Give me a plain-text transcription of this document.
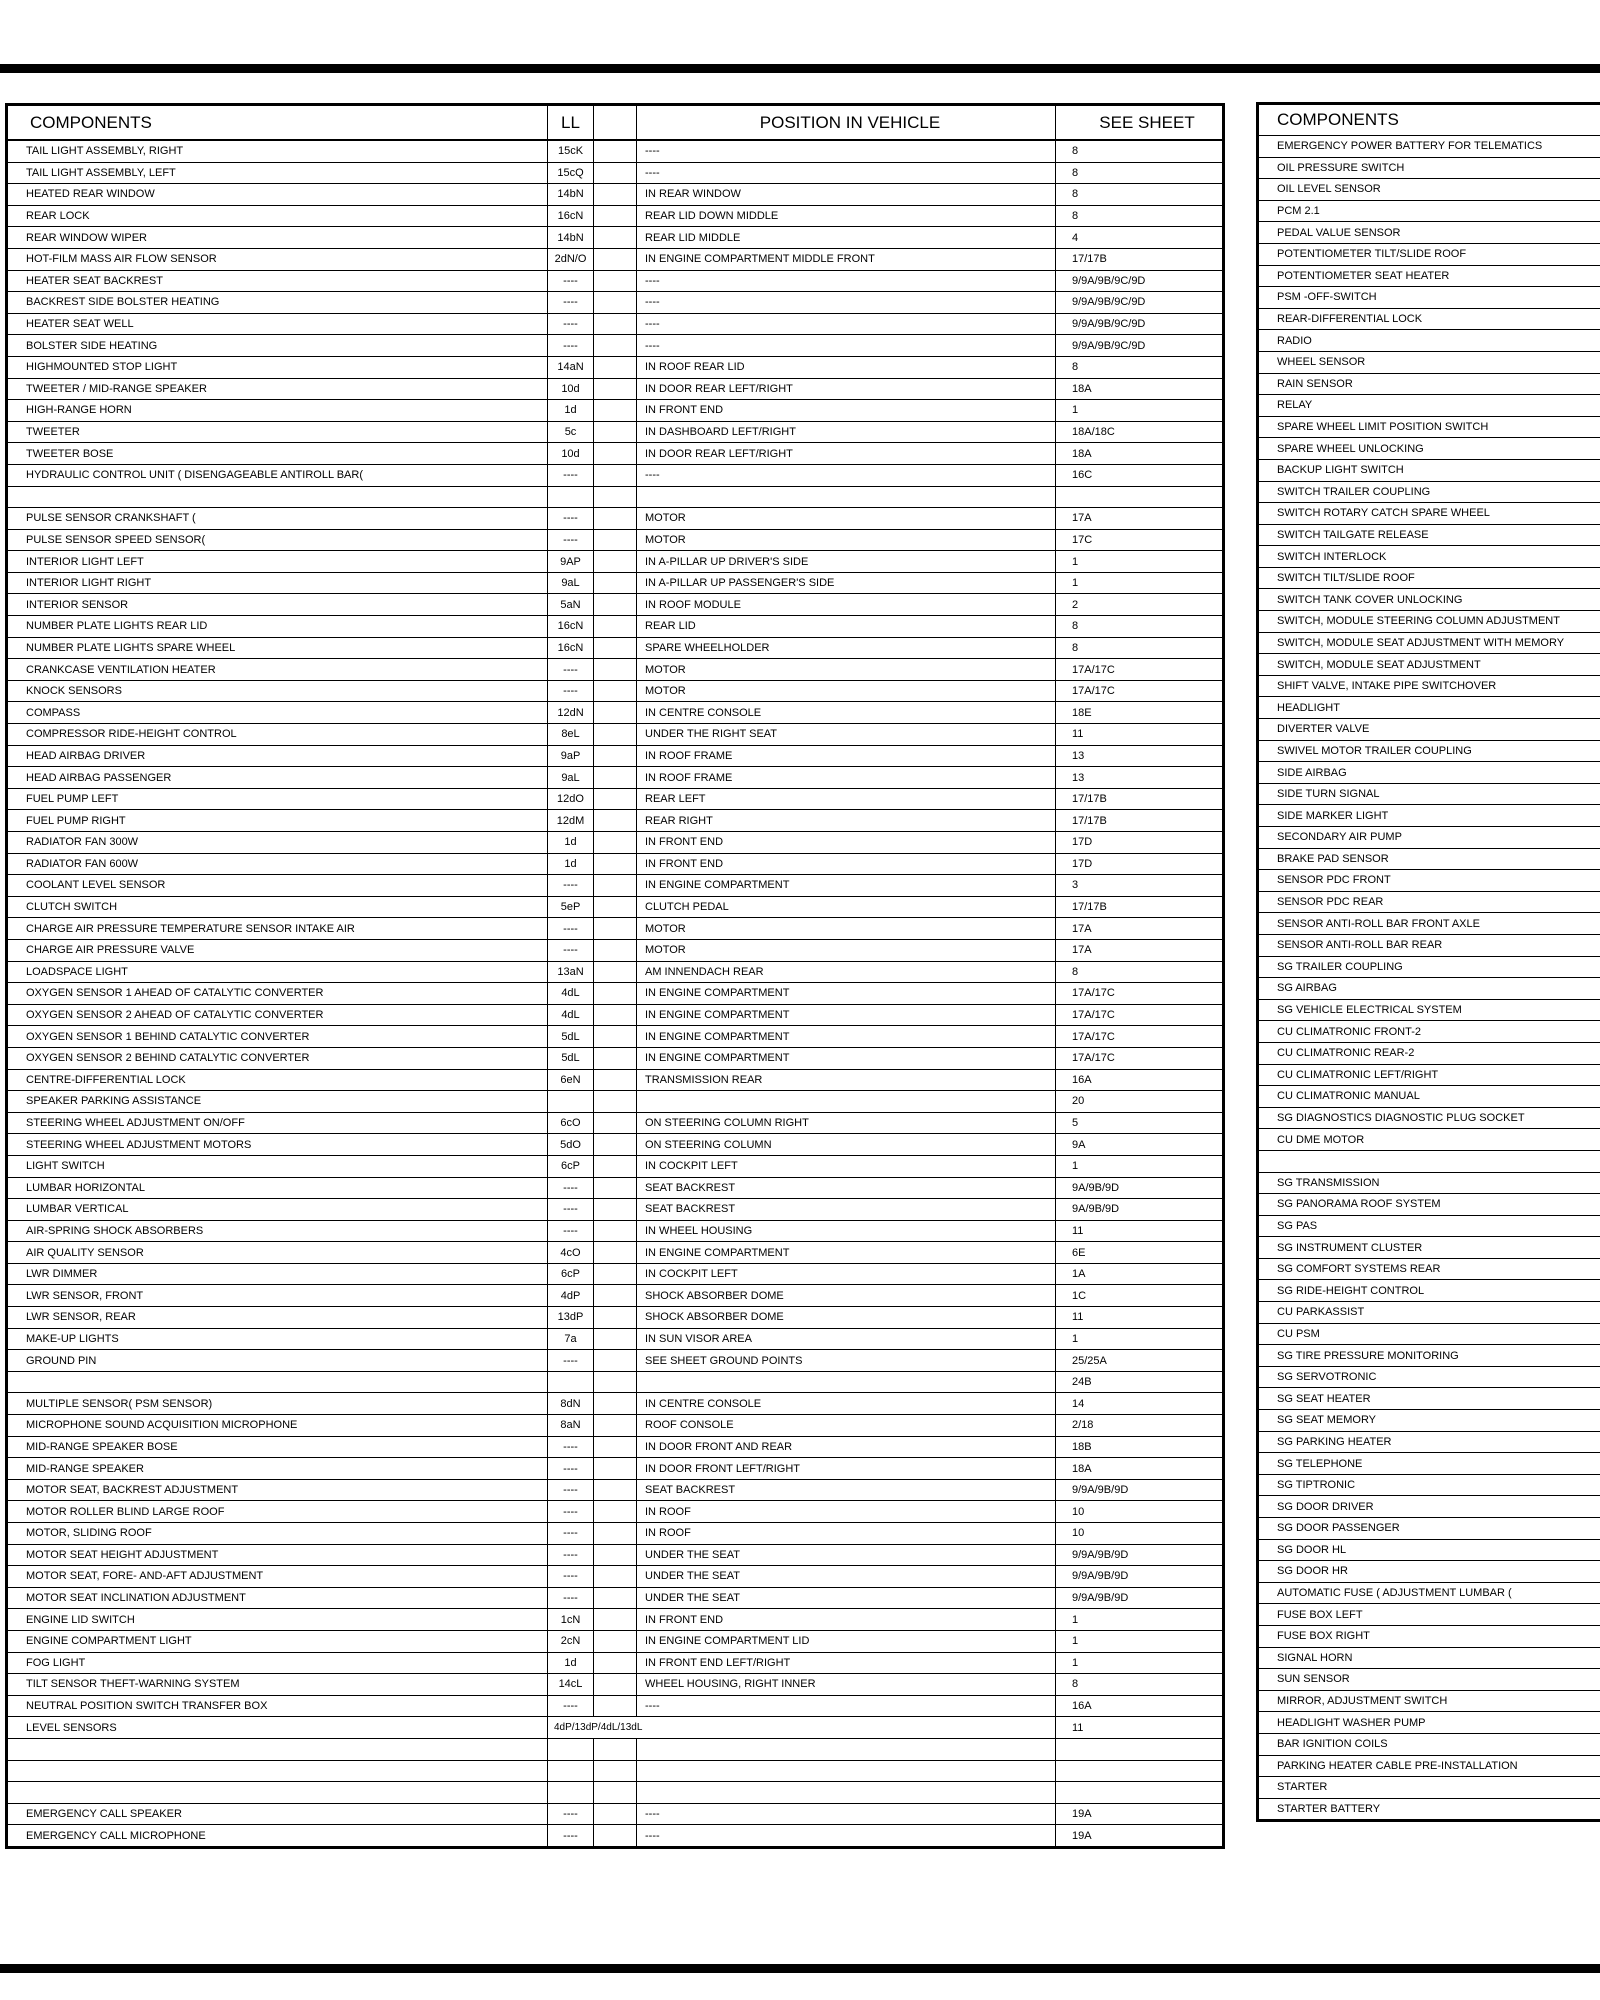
COMPONENTS	LL		POSITION IN VEHICLE	SEE SHEET
TAIL LIGHT ASSEMBLY, RIGHT	15cK		----	8
TAIL LIGHT ASSEMBLY, LEFT	15cQ		----	8
HEATED REAR WINDOW	14bN		IN REAR WINDOW	8
REAR LOCK	16cN		REAR LID DOWN MIDDLE	8
REAR WINDOW WIPER	14bN		REAR LID MIDDLE	4
HOT-FILM MASS AIR FLOW SENSOR	2dN/O		IN ENGINE COMPARTMENT MIDDLE FRONT	17/17B
HEATER SEAT BACKREST	----		----	9/9A/9B/9C/9D
BACKREST SIDE BOLSTER HEATING	----		----	9/9A/9B/9C/9D
HEATER SEAT WELL	----		----	9/9A/9B/9C/9D
BOLSTER SIDE HEATING	----		----	9/9A/9B/9C/9D
HIGHMOUNTED STOP LIGHT	14aN		IN ROOF REAR LID	8
TWEETER / MID-RANGE SPEAKER	10d		IN DOOR REAR LEFT/RIGHT	18A
HIGH-RANGE HORN	1d		IN FRONT END	1
TWEETER	5c		IN DASHBOARD LEFT/RIGHT	18A/18C
TWEETER BOSE	10d		IN DOOR REAR LEFT/RIGHT	18A
HYDRAULIC CONTROL UNIT ( DISENGAGEABLE ANTIROLL BAR(	----		----	16C

PULSE SENSOR CRANKSHAFT (	----		MOTOR	17A
PULSE SENSOR SPEED SENSOR(	----		MOTOR	17C
INTERIOR LIGHT LEFT	9AP		IN A-PILLAR UP DRIVER'S SIDE	1
INTERIOR LIGHT RIGHT	9aL		IN A-PILLAR UP PASSENGER'S SIDE	1
INTERIOR SENSOR	5aN		IN ROOF MODULE	2
NUMBER PLATE LIGHTS REAR LID	16cN		REAR LID	8
NUMBER PLATE LIGHTS SPARE WHEEL	16cN		SPARE WHEELHOLDER	8
CRANKCASE VENTILATION HEATER	----		MOTOR	17A/17C
KNOCK SENSORS	----		MOTOR	17A/17C
COMPASS	12dN		IN CENTRE CONSOLE	18E
COMPRESSOR RIDE-HEIGHT CONTROL	8eL		UNDER THE RIGHT SEAT	11
HEAD AIRBAG DRIVER	9aP		IN ROOF FRAME	13
HEAD AIRBAG PASSENGER	9aL		IN ROOF FRAME	13
FUEL PUMP LEFT	12dO		REAR LEFT	17/17B
FUEL PUMP RIGHT	12dM		REAR RIGHT	17/17B
RADIATOR FAN 300W	1d		IN FRONT END	17D
RADIATOR FAN 600W	1d		IN FRONT END	17D
COOLANT LEVEL SENSOR	----		IN ENGINE COMPARTMENT	3
CLUTCH SWITCH	5eP		CLUTCH PEDAL	17/17B
CHARGE AIR PRESSURE TEMPERATURE SENSOR INTAKE AIR	----		MOTOR	17A
CHARGE AIR PRESSURE VALVE	----		MOTOR	17A
LOADSPACE LIGHT	13aN		AM INNENDACH REAR	8
OXYGEN SENSOR 1 AHEAD OF CATALYTIC CONVERTER	4dL		IN ENGINE COMPARTMENT	17A/17C
OXYGEN SENSOR 2 AHEAD OF CATALYTIC CONVERTER	4dL		IN ENGINE COMPARTMENT	17A/17C
OXYGEN SENSOR 1 BEHIND CATALYTIC CONVERTER	5dL		IN ENGINE COMPARTMENT	17A/17C
OXYGEN SENSOR 2 BEHIND CATALYTIC CONVERTER	5dL		IN ENGINE COMPARTMENT	17A/17C
CENTRE-DIFFERENTIAL LOCK	6eN		TRANSMISSION REAR	16A
SPEAKER PARKING ASSISTANCE				20
STEERING WHEEL ADJUSTMENT ON/OFF	6cO		ON STEERING COLUMN RIGHT	5
STEERING WHEEL ADJUSTMENT MOTORS	5dO		ON STEERING COLUMN	9A
LIGHT SWITCH	6cP		IN COCKPIT LEFT	1
LUMBAR HORIZONTAL	----		SEAT BACKREST	9A/9B/9D
LUMBAR VERTICAL	----		SEAT BACKREST	9A/9B/9D
AIR-SPRING SHOCK ABSORBERS	----		IN WHEEL HOUSING	11
AIR QUALITY SENSOR	4cO		IN ENGINE COMPARTMENT	6E
LWR DIMMER	6cP		IN COCKPIT LEFT	1A
LWR SENSOR, FRONT	4dP		SHOCK ABSORBER DOME	1C
LWR SENSOR, REAR	13dP		SHOCK ABSORBER DOME	11
MAKE-UP LIGHTS	7a		IN SUN VISOR AREA	1
GROUND PIN	----		SEE SHEET GROUND POINTS	25/25A
				24B
MULTIPLE SENSOR( PSM SENSOR)	8dN		IN CENTRE CONSOLE	14
MICROPHONE SOUND ACQUISITION MICROPHONE	8aN		ROOF CONSOLE	2/18
MID-RANGE SPEAKER BOSE	----		IN DOOR FRONT AND REAR	18B
MID-RANGE SPEAKER	----		IN DOOR FRONT LEFT/RIGHT	18A
MOTOR SEAT, BACKREST ADJUSTMENT	----		SEAT BACKREST	9/9A/9B/9D
MOTOR ROLLER BLIND LARGE ROOF	----		IN ROOF	10
MOTOR, SLIDING ROOF	----		IN ROOF	10
MOTOR SEAT HEIGHT ADJUSTMENT	----		UNDER THE SEAT	9/9A/9B/9D
MOTOR SEAT, FORE- AND-AFT ADJUSTMENT	----		UNDER THE SEAT	9/9A/9B/9D
MOTOR SEAT INCLINATION ADJUSTMENT	----		UNDER THE SEAT	9/9A/9B/9D
ENGINE LID SWITCH	1cN		IN FRONT END	1
ENGINE COMPARTMENT LIGHT	2cN		IN ENGINE COMPARTMENT LID	1
FOG LIGHT	1d		IN FRONT END LEFT/RIGHT	1
TILT SENSOR THEFT-WARNING SYSTEM	14cL		WHEEL HOUSING, RIGHT INNER	8
NEUTRAL POSITION SWITCH TRANSFER BOX	----		----	16A
LEVEL SENSORS	4dP/13dP/4dL/13dL			11

EMERGENCY CALL SPEAKER	----		----	19A
EMERGENCY CALL MICROPHONE	----		----	19A
COMPONENTS
EMERGENCY POWER BATTERY FOR TELEMATICS
OIL PRESSURE SWITCH
OIL LEVEL SENSOR
PCM 2.1
PEDAL VALUE SENSOR
POTENTIOMETER TILT/SLIDE ROOF
POTENTIOMETER SEAT HEATER
PSM -OFF-SWITCH
REAR-DIFFERENTIAL LOCK
RADIO
WHEEL SENSOR
RAIN SENSOR
RELAY
SPARE WHEEL LIMIT POSITION SWITCH
SPARE WHEEL UNLOCKING
BACKUP LIGHT SWITCH
SWITCH TRAILER COUPLING
SWITCH ROTARY CATCH SPARE WHEEL
SWITCH TAILGATE RELEASE
SWITCH INTERLOCK
SWITCH TILT/SLIDE ROOF
SWITCH TANK COVER UNLOCKING
SWITCH, MODULE STEERING COLUMN ADJUSTMENT
SWITCH, MODULE SEAT ADJUSTMENT WITH MEMORY
SWITCH, MODULE SEAT ADJUSTMENT
SHIFT VALVE, INTAKE PIPE SWITCHOVER
HEADLIGHT
DIVERTER VALVE
SWIVEL MOTOR TRAILER COUPLING
SIDE AIRBAG
SIDE TURN SIGNAL
SIDE MARKER LIGHT
SECONDARY AIR PUMP
BRAKE PAD SENSOR
SENSOR PDC FRONT
SENSOR PDC REAR
SENSOR ANTI-ROLL BAR FRONT AXLE
SENSOR ANTI-ROLL BAR REAR
SG TRAILER COUPLING
SG AIRBAG
SG VEHICLE ELECTRICAL SYSTEM
CU CLIMATRONIC FRONT-2
CU CLIMATRONIC REAR-2
CU CLIMATRONIC LEFT/RIGHT
CU CLIMATRONIC MANUAL
SG DIAGNOSTICS DIAGNOSTIC PLUG SOCKET
CU DME MOTOR

SG TRANSMISSION
SG PANORAMA ROOF SYSTEM
SG PAS
SG INSTRUMENT CLUSTER
SG COMFORT SYSTEMS REAR
SG RIDE-HEIGHT CONTROL
CU PARKASSIST
CU PSM
SG TIRE PRESSURE MONITORING
SG SERVOTRONIC
SG SEAT HEATER
SG SEAT MEMORY
SG PARKING HEATER
SG TELEPHONE
SG TIPTRONIC
SG DOOR DRIVER
SG DOOR PASSENGER
SG DOOR HL
SG DOOR HR
AUTOMATIC FUSE ( ADJUSTMENT LUMBAR (
FUSE BOX LEFT
FUSE BOX RIGHT
SIGNAL HORN
SUN SENSOR
MIRROR, ADJUSTMENT SWITCH
HEADLIGHT WASHER PUMP
BAR IGNITION COILS
PARKING HEATER CABLE PRE-INSTALLATION
STARTER
STARTER BATTERY
